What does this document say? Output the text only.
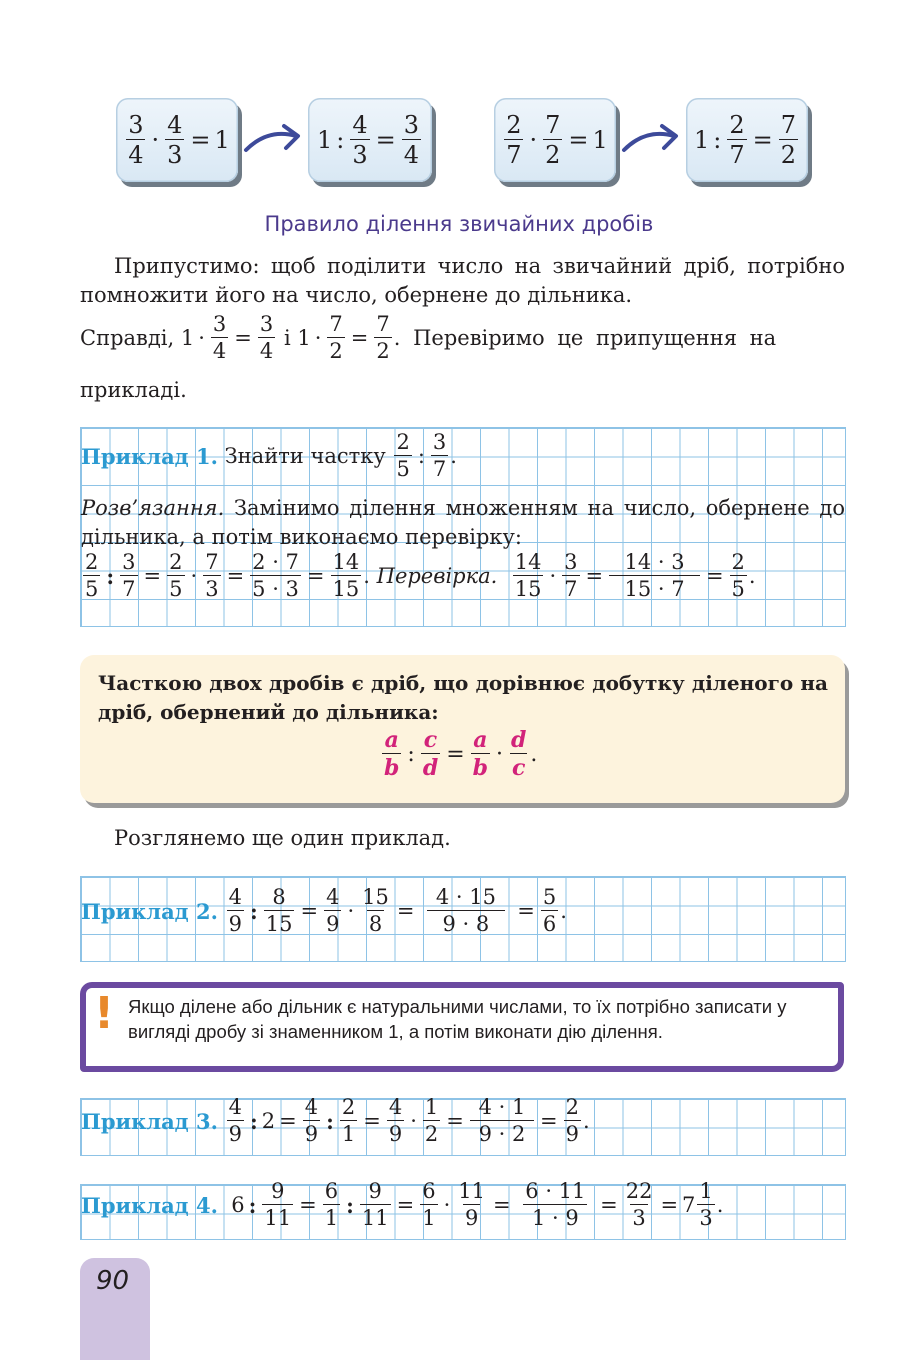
$\frac{3}{4} \cdot \frac{4}{3} = 1$	1 : $\frac{4}{3} = \frac{3}{4}$	$\frac{2}{7} \cdot \frac{7}{2} = 1$	1 : $\frac{2}{7} = \frac{7}{2}$
Правило ділення звичайних дробів
Припустимо: щоб поділити число на звичайний дріб, потрібно помножити його на число, обернене до дільника.
Справді, $1 \cdot \frac{3}{4} = \frac{3}{4}$
і $1 \cdot \frac{7}{2} = \frac{7}{2}$ . Перевіримо це припущення на
прикладі.
Приклад 1.
Знайти частку
$\frac{2}{5}$ : $\frac{3}{7}$ .
Розв’язання. Замінимо ділення множенням на число, обернене до дільника, а потім виконаємо перевірку:
$\frac{2}{5}$ : $\frac{3}{7} = \frac{2}{5} \cdot \frac{7}{3} = \frac{2 \cdot 7}{5 \cdot 3} = \frac{14}{15}$ . Перевірка.
$\frac{14}{15} \cdot \frac{3}{7} = \frac{14 \cdot 3}{15 \cdot 7} = \frac{2}{5}$ .
Часткою двох дробів є дріб, що дорівнює добутку діленого на дріб, обернений до дільника:
$\frac{a}{b}$ : $\frac{c}{d} = \frac{a}{b} \cdot \frac{d}{c}$ .
Розглянемо ще один приклад.
Приклад 2.
$\frac{4}{9}$ : $\frac{8}{15} = \frac{4}{9} \cdot \frac{15}{8} = \frac{4 \cdot 15}{9 \cdot 8} = \frac{5}{6}$ .
! Якщо ділене або дільник є натуральними числами, то їх потрібно записати у вигляді дробу зі знаменником 1, а потім виконати дію ділення.
Приклад 3.
$\frac{4}{9}$ : $2 = \frac{4}{9}$ : $\frac{2}{1} = \frac{4}{9} \cdot \frac{1}{2} = \frac{4 \cdot 1}{9 \cdot 2} = \frac{2}{9}$ .
Приклад 4. 6 : $\frac{9}{11} = \frac{6}{1}$ : $\frac{9}{11} = \frac{6}{1} \cdot \frac{11}{9} = \frac{6 \cdot 11}{1 \cdot 9} = \frac{22}{3} = 7 \frac{1}{3}$ .
90
